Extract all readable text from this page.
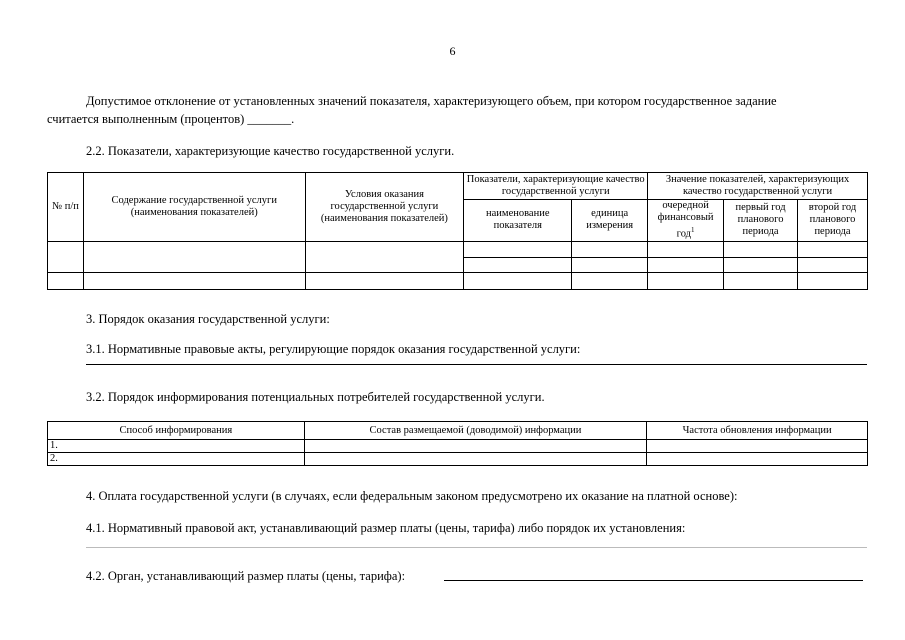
6
Допустимое отклонение от установленных значений показателя, характеризующего объем, при котором государственное задание
считается выполненным (процентов) _______.
2.2. Показатели, характеризующие качество государственной услуги.
№ п/п	Содержание государственной услуги (наименования показателей)	Условия оказания государственной услуги (наименования показателей)	Показатели, характеризующие качество государственной услуги		Значение показателей, характеризующих качество государственной услуги		
			наименование показателя	единица измерения	очередной финансовый год$^1$	первый год планового периода	второй год планового периода

3. Порядок оказания государственной услуги:
3.1. Нормативные правовые акты, регулирующие порядок оказания государственной услуги:
3.2. Порядок информирования потенциальных потребителей государственной услуги.
Способ информирования	Состав размещаемой (доводимой) информации	Частота обновления информации
1.		
2.		
4. Оплата государственной услуги (в случаях, если федеральным законом предусмотрено их оказание на платной основе):
4.1. Нормативный правовой акт, устанавливающий размер платы (цены, тарифа) либо порядок их установления:
4.2. Орган, устанавливающий размер платы (цены, тарифа):
